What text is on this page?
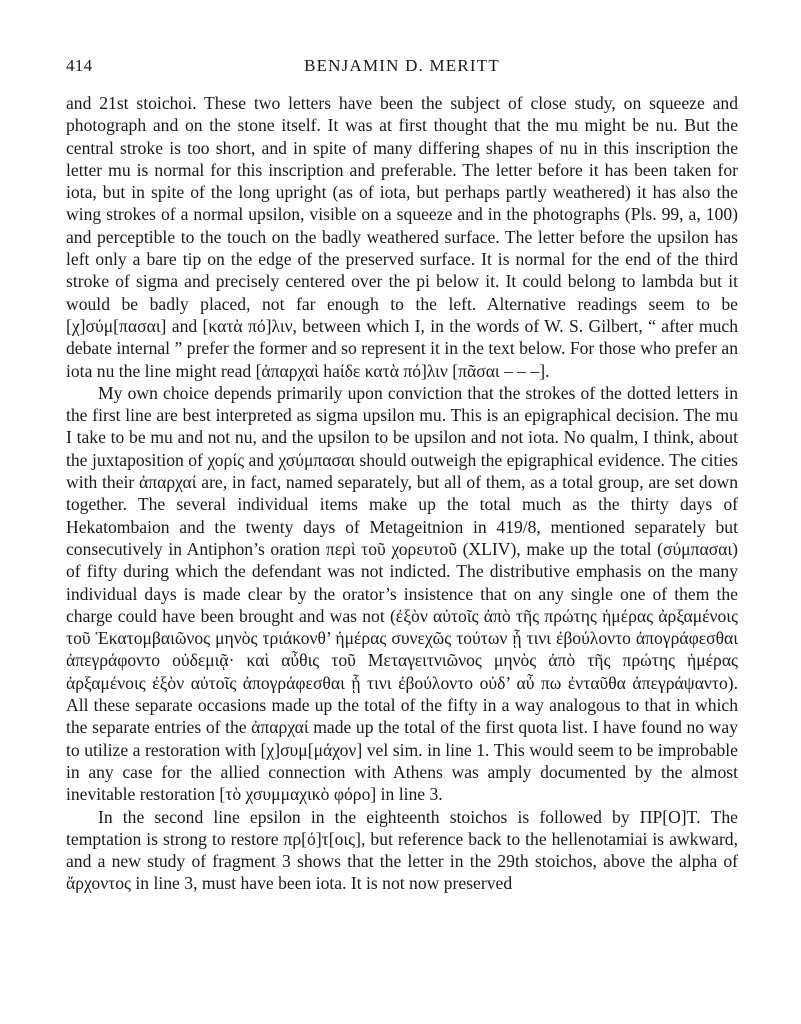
414	BENJAMIN D. MERITT

and 21st stoichoi. These two letters have been the subject of close study, on squeeze and photograph and on the stone itself. It was at first thought that the mu might be nu. But the central stroke is too short, and in spite of many differing shapes of nu in this inscription the letter mu is normal for this inscription and preferable. The letter before it has been taken for iota, but in spite of the long upright (as of iota, but perhaps partly weathered) it has also the wing strokes of a normal upsilon, visible on a squeeze and in the photographs (Pls. 99, a, 100) and perceptible to the touch on the badly weathered surface. The letter before the upsilon has left only a bare tip on the edge of the preserved surface. It is normal for the end of the third stroke of sigma and precisely centered over the pi below it. It could belong to lambda but it would be badly placed, not far enough to the left. Alternative readings seem to be [χ]σύμ[πασαι] and [κατὰ πό]λιν, between which I, in the words of W. S. Gilbert, “ after much debate internal ” prefer the former and so represent it in the text below. For those who prefer an iota nu the line might read [ἀπαρχαὶ haίδε κατὰ πό]λιν [πᾶσαι – – –].

My own choice depends primarily upon conviction that the strokes of the dotted letters in the first line are best interpreted as sigma upsilon mu. This is an epigraphical decision. The mu I take to be mu and not nu, and the upsilon to be upsilon and not iota. No qualm, I think, about the juxtaposition of χορίς and χσύμπασαι should outweigh the epigraphical evidence. The cities with their ἀπαρχαί are, in fact, named separately, but all of them, as a total group, are set down together. The several individual items make up the total much as the thirty days of Hekatombaion and the twenty days of Metageitnion in 419/8, mentioned separately but consecutively in Antiphon’s oration περὶ τοῦ χορευτοῦ (XLIV), make up the total (σύμπασαι) of fifty during which the defendant was not indicted. The distributive emphasis on the many individual days is made clear by the orator’s insistence that on any single one of them the charge could have been brought and was not (ἐξὸν αὐτοῖς ἀπὸ τῆς πρώτης ἡμέρας ἀρξαμένοις τοῦ Ἑκατομβαιῶνος μηνὸς τριάκονθ’ ἡμέρας συνεχῶς τούτων ᾗ τινι ἐβούλοντο ἀπογράφεσθαι ἀπεγράφοντο οὐδεμιᾷ· καὶ αὖθις τοῦ Μεταγειτνιῶνος μηνὸς ἀπὸ τῆς πρώτης ἡμέρας ἀρξαμένοις ἐξὸν αὐτοῖς ἀπογράφεσθαι ᾗ τινι ἐβούλοντο οὐδ’ αὖ πω ἐνταῦθα ἀπεγράψαντο). All these separate occasions made up the total of the fifty in a way analogous to that in which the separate entries of the ἀπαρχαί made up the total of the first quota list. I have found no way to utilize a restoration with [χ]συμ[μάχον] vel sim. in line 1. This would seem to be improbable in any case for the allied connection with Athens was amply documented by the almost inevitable restoration [τὸ χσυμμαχικὸ φόρο] in line 3.

In the second line epsilon in the eighteenth stoichos is followed by ΠΡ[Ο]Τ. The temptation is strong to restore πρ[ό]τ[οις], but reference back to the hellenotamiai is awkward, and a new study of fragment 3 shows that the letter in the 29th stoichos, above the alpha of ἄρχοντος in line 3, must have been iota. It is not now preserved
